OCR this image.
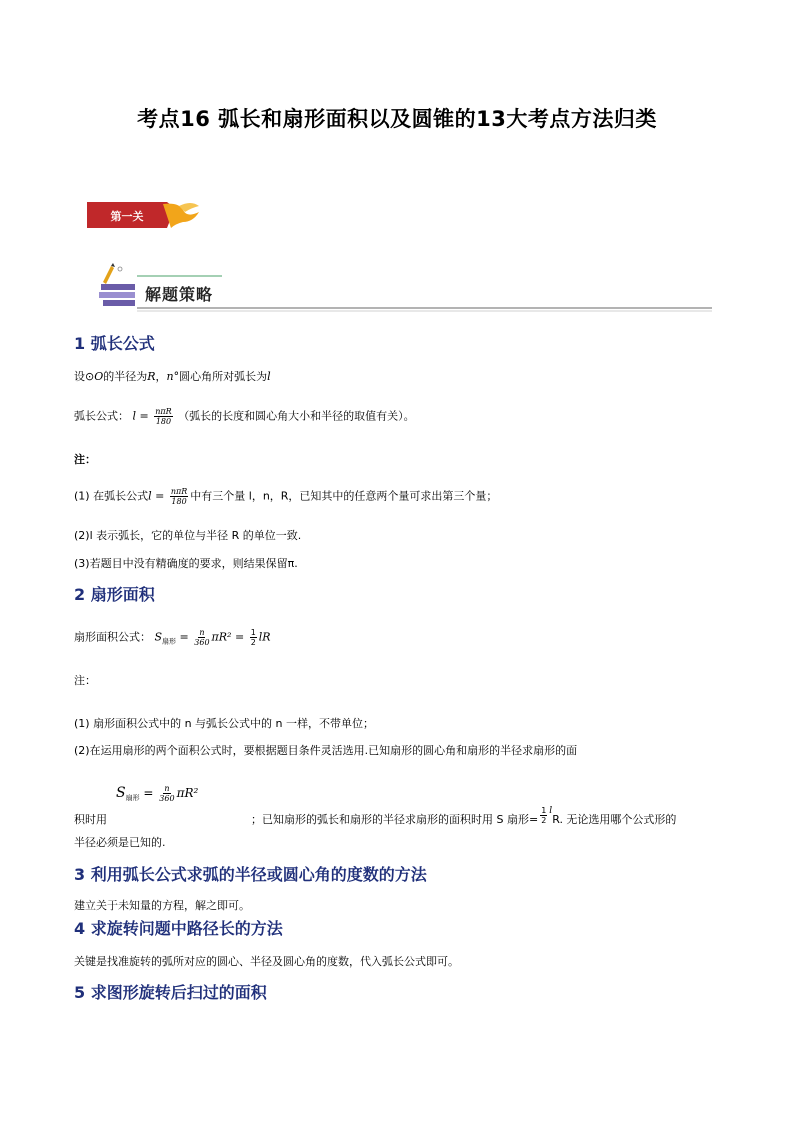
考点16 弧长和扇形面积以及圆锥的13大考点方法归类
第一关
解题策略
1 弧长公式
设⊙O的半径为R，n°圆心角所对弧长为l
弧长公式： $l = \frac{\text{nπR}}{180}$ （弧长的长度和圆心角大小和半径的取值有关）。
注：
(1) 在弧长公式$l = \frac{\text{nπR}}{180}$ 中有三个量 l，n，R，已知其中的任意两个量可求出第三个量；
(2)l 表示弧长，它的单位与半径 R 的单位一致.
(3)若题目中没有精确度的要求，则结果保留π.
2 扇形面积
扇形面积公式： $S_{扇形} = \frac{n}{360} \pi R^2 = \frac{1}{2}$ lR
注：
(1) 扇形面积公式中的 n 与弧长公式中的 n 一样，不带单位；
(2)在运用扇形的两个面积公式时，要根据题目条件灵活选用.已知扇形的圆心角和扇形的半径求扇形的面
$S_{扇形} = \frac{n}{360} \pi R^2$
积时用	；已知扇形的弧长和扇形的半径求扇形的面积时用 S 扇形= $\frac{1}{2} ^lR$. 无论选用哪个公式形的
半径必须是已知的.
3 利用弧长公式求弧的半径或圆心角的度数的方法
建立关于未知量的方程，解之即可。
4 求旋转问题中路径长的方法
关键是找准旋转的弧所对应的圆心、半径及圆心角的度数，代入弧长公式即可。
5 求图形旋转后扫过的面积
